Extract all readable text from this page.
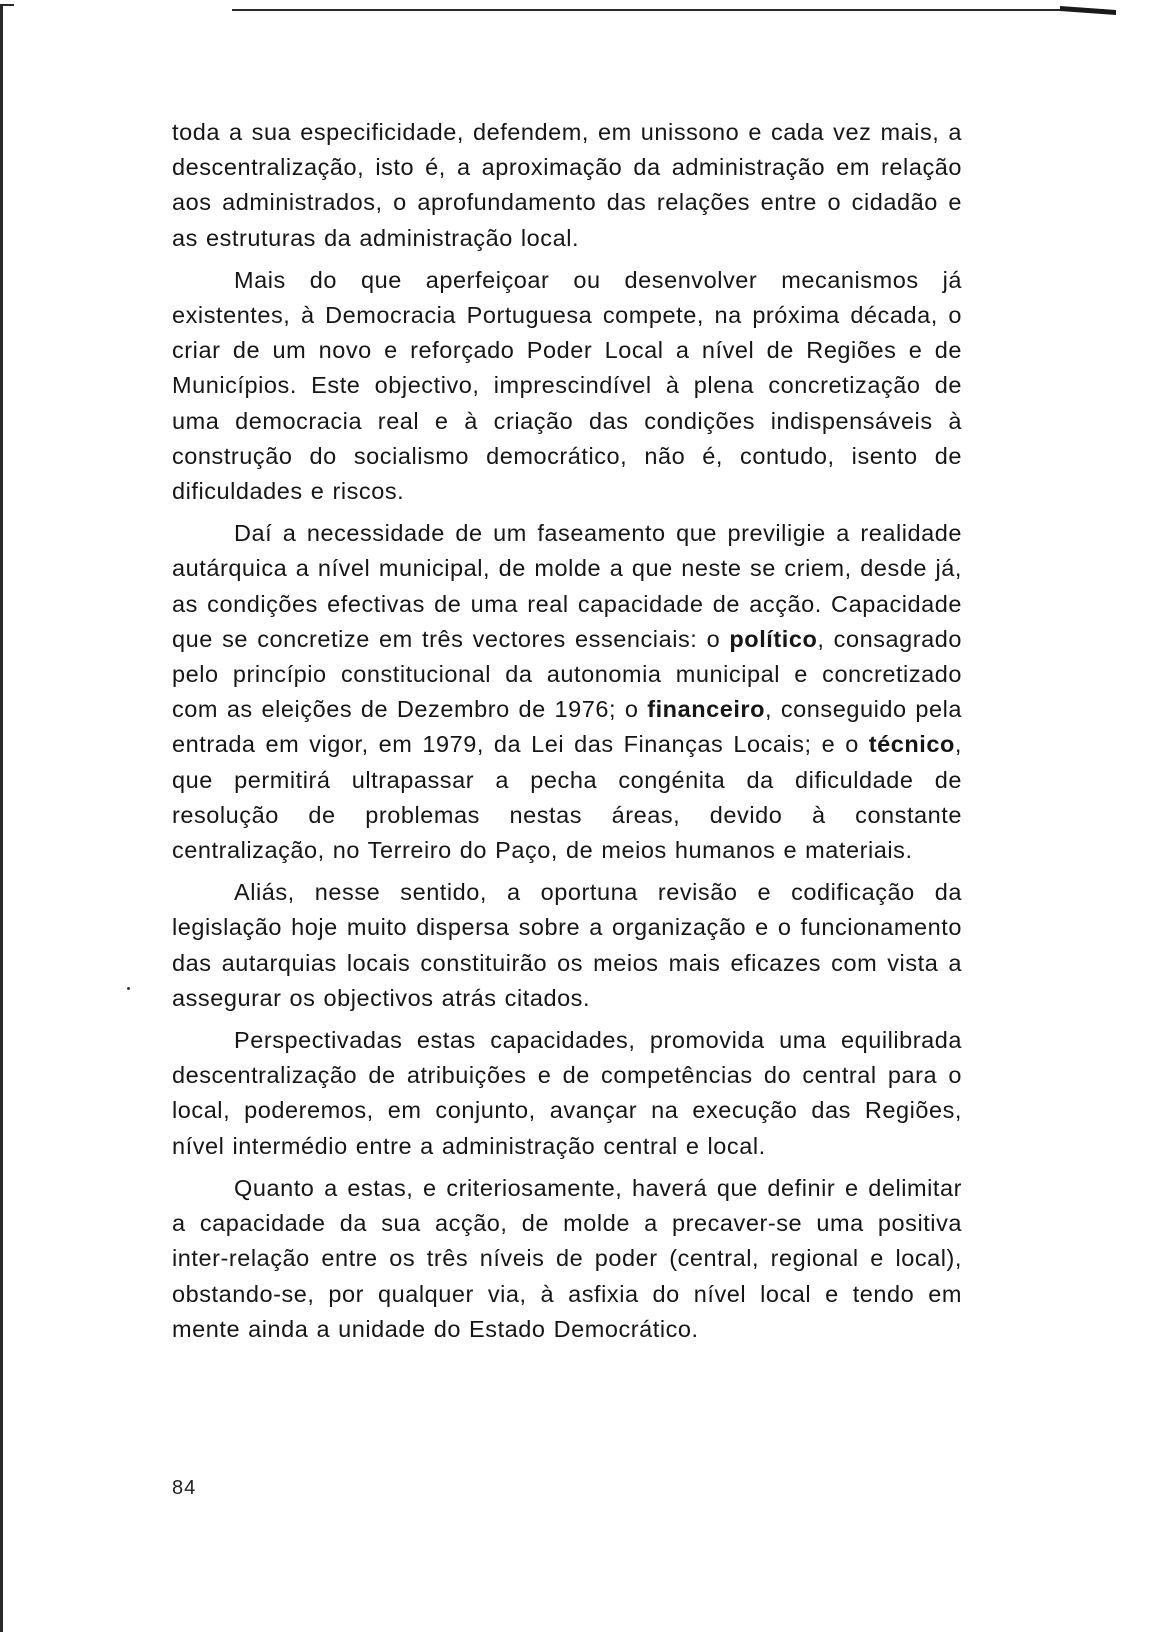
toda a sua especificidade, defendem, em unissono e cada vez mais, a descentralização, isto é, a aproximação da administração em relação aos administrados, o aprofundamento das relações entre o cidadão e as estruturas da administração local.

Mais do que aperfeiçoar ou desenvolver mecanismos já existentes, à Democracia Portuguesa compete, na próxima década, o criar de um novo e reforçado Poder Local a nível de Regiões e de Municípios. Este objectivo, imprescindível à plena concretização de uma democracia real e à criação das condições indispensáveis à construção do socialismo democrático, não é, contudo, isento de dificuldades e riscos.

Daí a necessidade de um faseamento que previligie a realidade autárquica a nível municipal, de molde a que neste se criem, desde já, as condições efectivas de uma real capacidade de acção. Capacidade que se concretize em três vectores essenciais: o político, consagrado pelo princípio constitucional da autonomia municipal e concretizado com as eleições de Dezembro de 1976; o financeiro, conseguido pela entrada em vigor, em 1979, da Lei das Finanças Locais; e o técnico, que permitirá ultrapassar a pecha congénita da dificuldade de resolução de problemas nestas áreas, devido à constante centralização, no Terreiro do Paço, de meios humanos e materiais.

Aliás, nesse sentido, a oportuna revisão e codificação da legislação hoje muito dispersa sobre a organização e o funcionamento das autarquias locais constituirão os meios mais eficazes com vista a assegurar os objectivos atrás citados.

Perspectivadas estas capacidades, promovida uma equilibrada descentralização de atribuições e de competências do central para o local, poderemos, em conjunto, avançar na execução das Regiões, nível intermédio entre a administração central e local.

Quanto a estas, e criteriosamente, haverá que definir e delimitar a capacidade da sua acção, de molde a precaver-se uma positiva inter-relação entre os três níveis de poder (central, regional e local), obstando-se, por qualquer via, à asfixia do nível local e tendo em mente ainda a unidade do Estado Democrático.

84
